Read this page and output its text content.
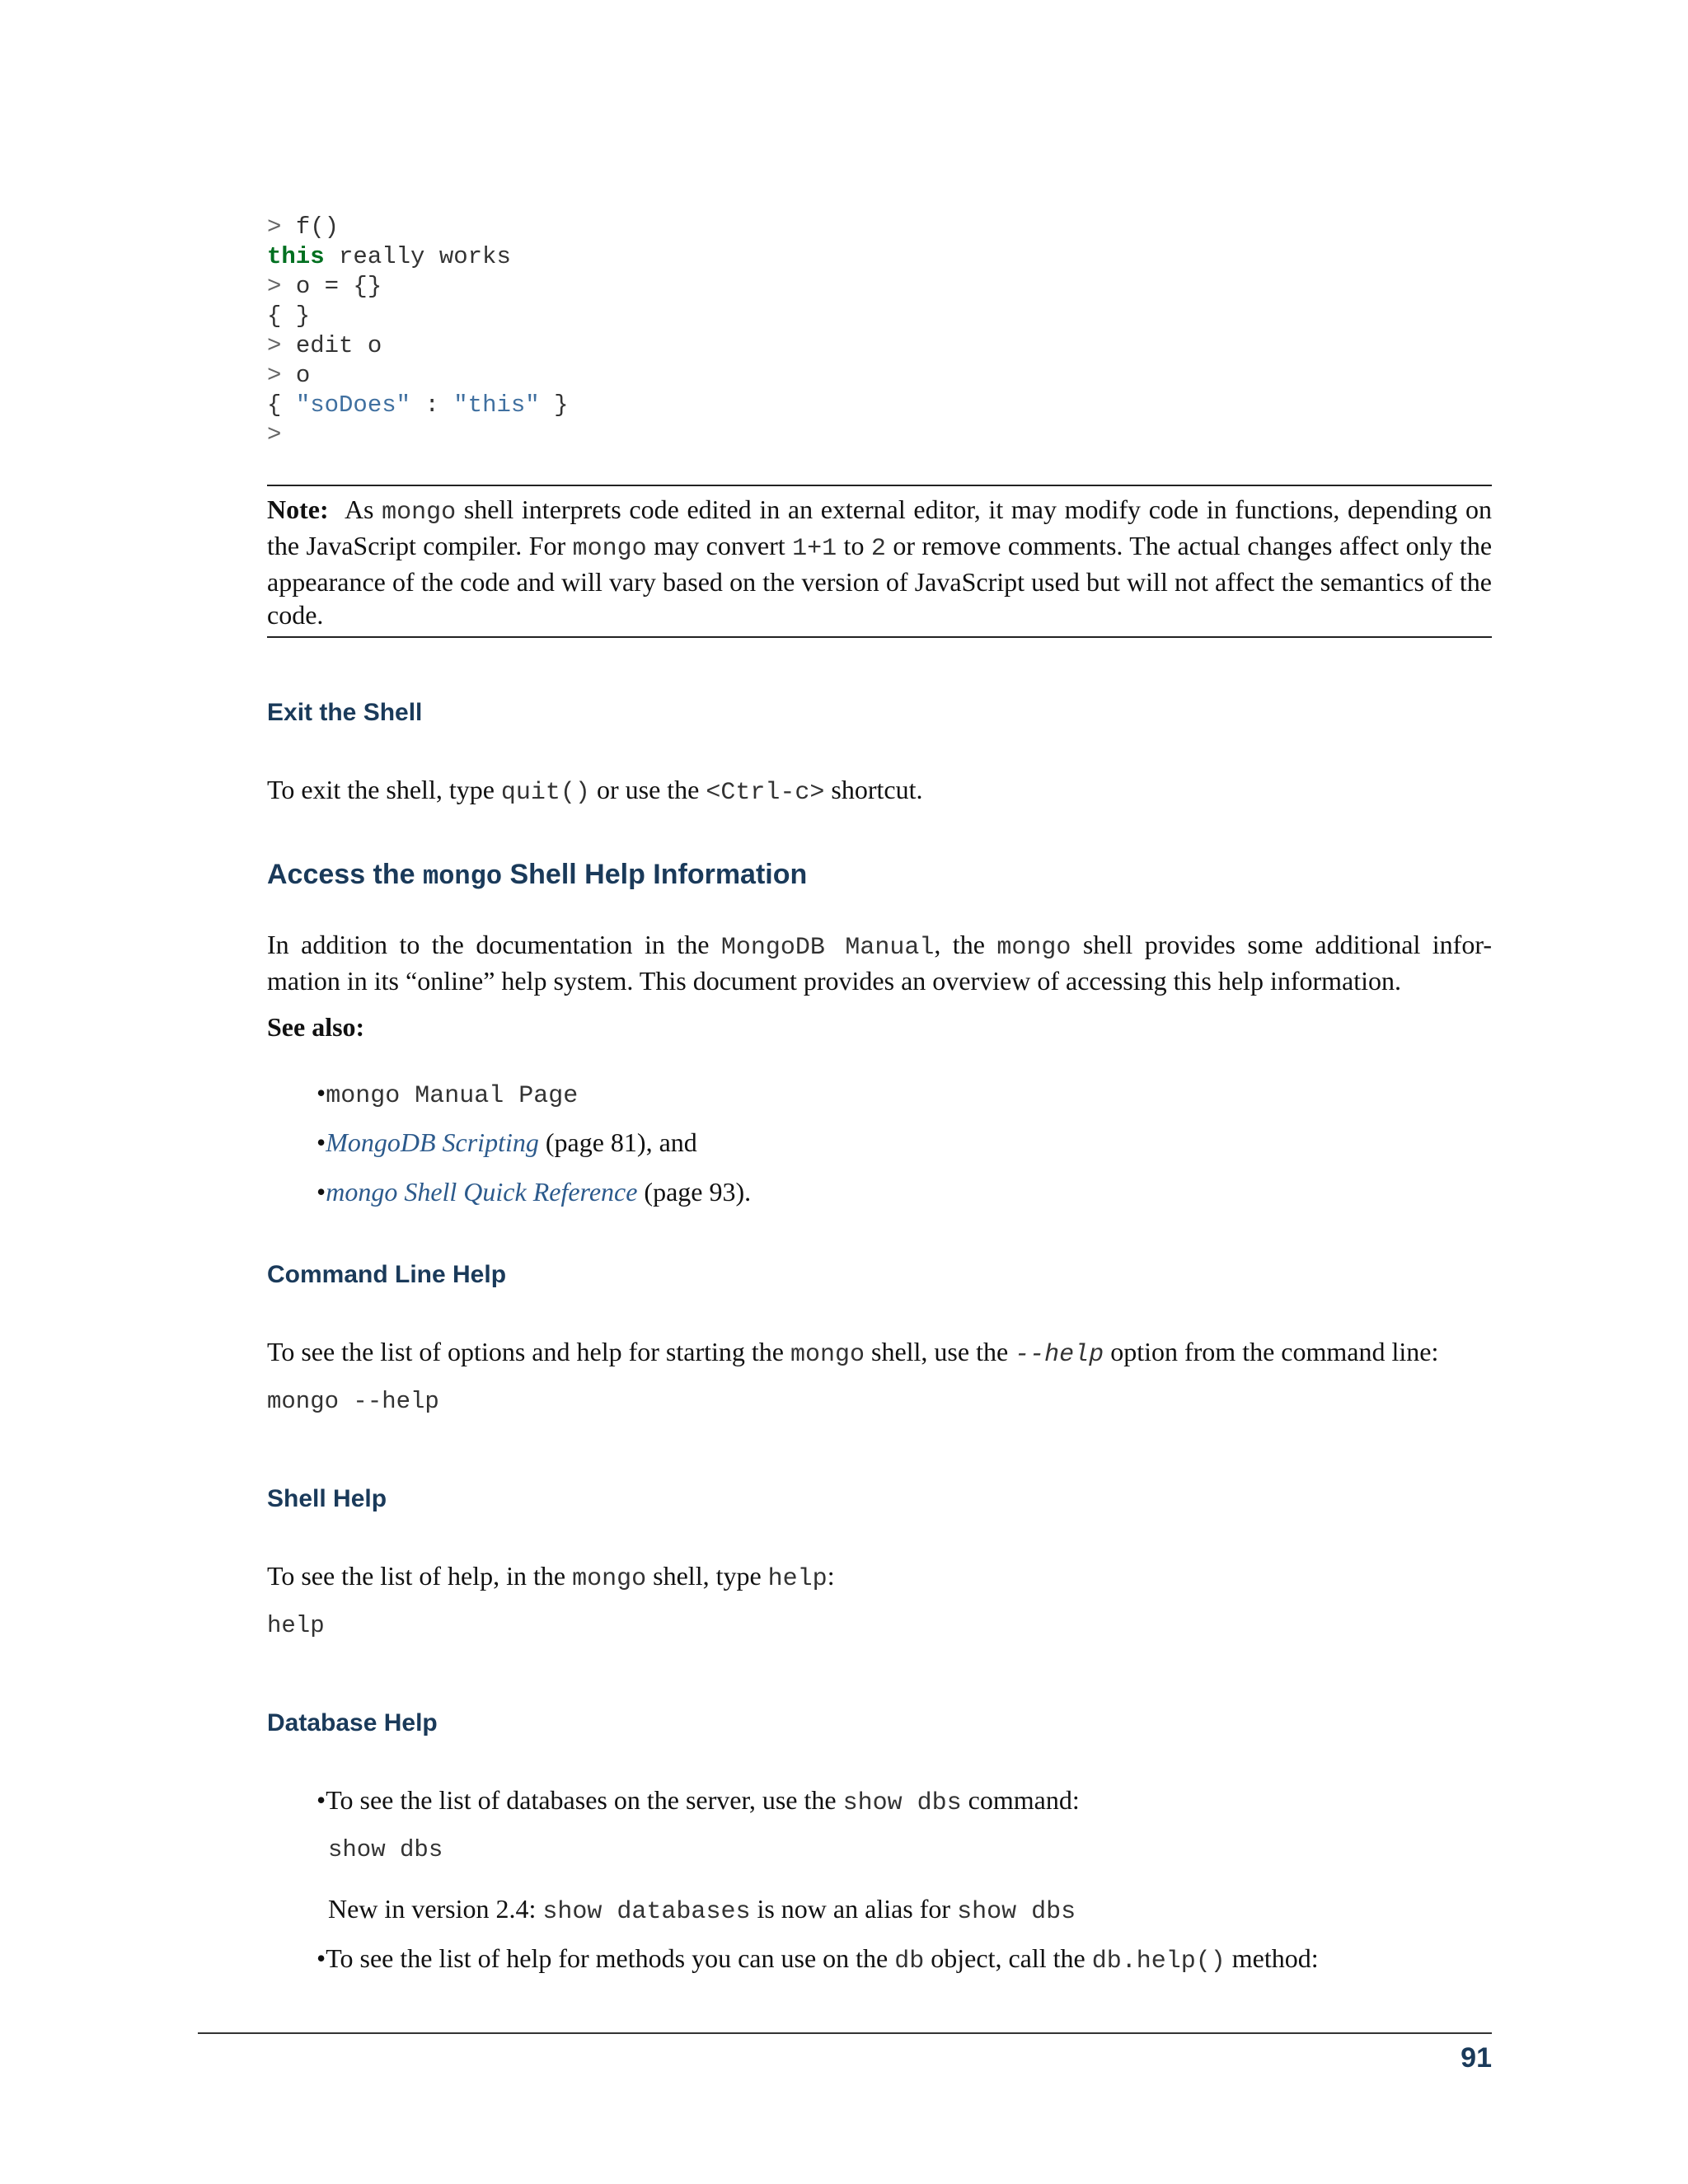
> f()
this really works
> o = {}
{ }
> edit o
> o
{ "soDoes" : "this" }
>
Note: As mongo shell interprets code edited in an external editor, it may modify code in functions, depending on the JavaScript compiler. For mongo may convert 1+1 to 2 or remove comments. The actual changes affect only the appearance of the code and will vary based on the version of JavaScript used but will not affect the semantics of the code.
Exit the Shell
To exit the shell, type quit() or use the <Ctrl-c> shortcut.
Access the mongo Shell Help Information
In addition to the documentation in the MongoDB Manual, the mongo shell provides some additional infor- mation in its “online” help system. This document provides an overview of accessing this help information.
See also:
•mongo Manual Page
•MongoDB Scripting (page 81), and
•mongo Shell Quick Reference (page 93).
Command Line Help
To see the list of options and help for starting the mongo shell, use the --help option from the command line:
mongo --help
Shell Help
To see the list of help, in the mongo shell, type help:
help
Database Help
•To see the list of databases on the server, use the show dbs command:
show dbs
New in version 2.4: show databases is now an alias for show dbs
•To see the list of help for methods you can use on the db object, call the db.help() method:
91
